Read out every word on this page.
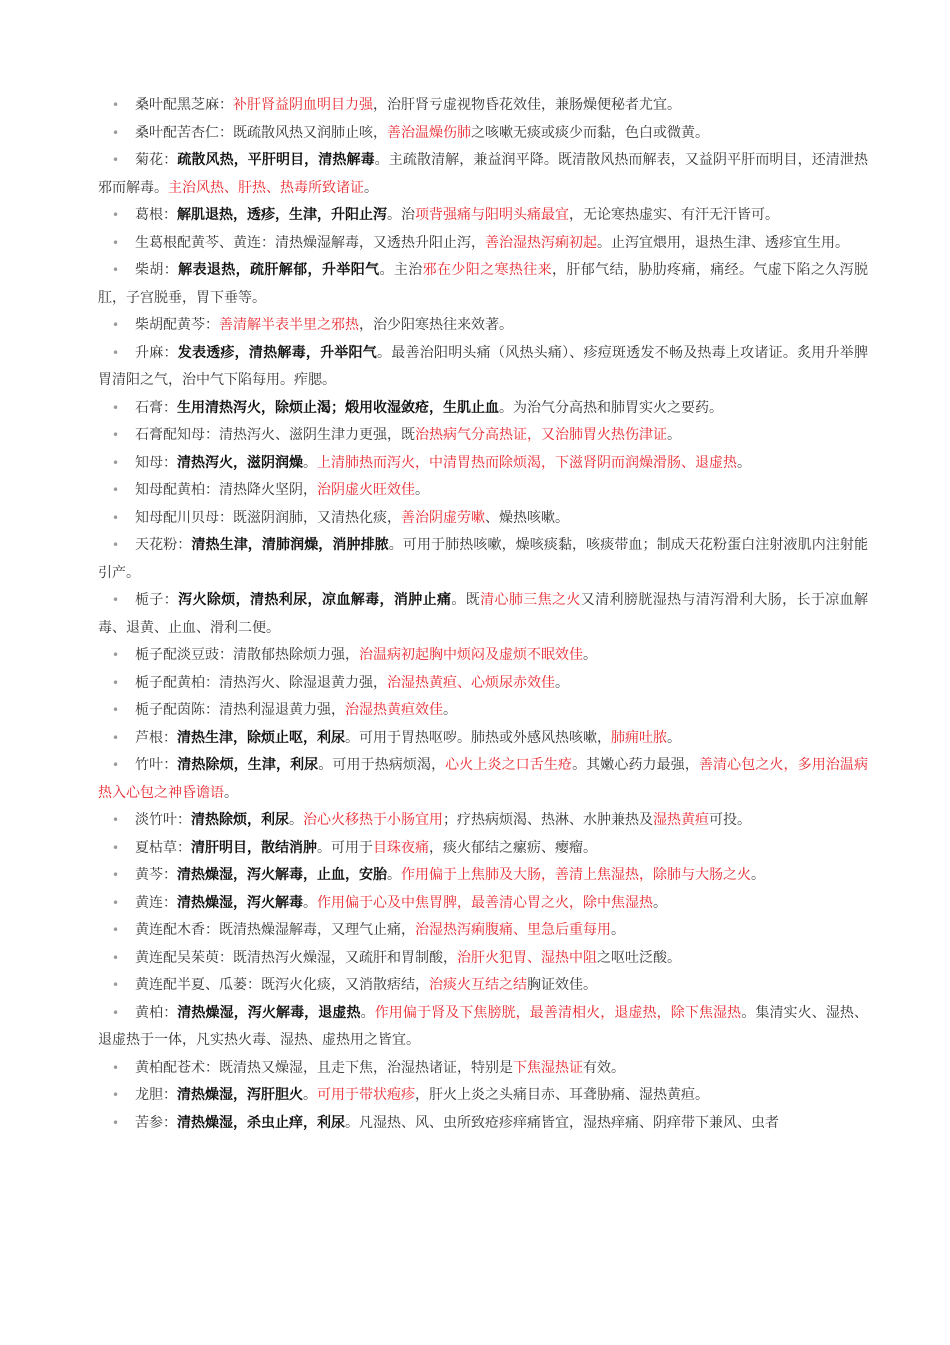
• 桑叶配黑芝麻：补肝肾益阴血明目力强，治肝肾亏虚视物昏花效佳，兼肠燥便秘者尤宜。
• 桑叶配苦杏仁：既疏散风热又润肺止咳，善治温燥伤肺之咳嗽无痰或痰少而黏，色白或微黄。
• 菊花：疏散风热，平肝明目，清热解毒。主疏散清解，兼益润平降。既清散风热而解表，又益阴平肝而明目，还清泄热邪而解毒。主治风热、肝热、热毒所致诸证。
• 葛根：解肌退热，透疹，生津，升阳止泻。治项背强痛与阳明头痛最宜，无论寒热虚实、有汗无汗皆可。
• 生葛根配黄芩、黄连：清热燥湿解毒，又透热升阳止泻，善治湿热泻痢初起。止泻宜煨用，退热生津、透疹宜生用。
• 柴胡：解表退热，疏肝解郁，升举阳气。主治邪在少阳之寒热往来，肝郁气结，胁肋疼痛，痛经。气虚下陷之久泻脱肛，子宫脱垂，胃下垂等。
• 柴胡配黄芩：善清解半表半里之邪热，治少阳寒热往来效著。
• 升麻：发表透疹，清热解毒，升举阳气。最善治阳明头痛（风热头痛）、疹痘斑透发不畅及热毒上攻诸证。炙用升举脾胃清阳之气，治中气下陷每用。痄腮。
• 石膏：生用清热泻火，除烦止渴；煅用收湿敛疮，生肌止血。为治气分高热和肺胃实火之要药。
• 石膏配知母：清热泻火、滋阴生津力更强，既治热病气分高热证，又治肺胃火热伤津证。
• 知母：清热泻火，滋阴润燥。上清肺热而泻火，中清胃热而除烦渴，下滋肾阴而润燥滑肠、退虚热。
• 知母配黄柏：清热降火坚阴，治阴虚火旺效佳。
• 知母配川贝母：既滋阴润肺，又清热化痰，善治阴虚劳嗽、燥热咳嗽。
• 天花粉：清热生津，清肺润燥，消肿排脓。可用于肺热咳嗽，燥咳痰黏，咳痰带血；制成天花粉蛋白注射液肌内注射能引产。
• 栀子：泻火除烦，清热利尿，凉血解毒，消肿止痛。既清心肺三焦之火又清利膀胱湿热与清泻滑利大肠，长于凉血解毒、退黄、止血、滑利二便。
• 栀子配淡豆豉：清散郁热除烦力强，治温病初起胸中烦闷及虚烦不眠效佳。
• 栀子配黄柏：清热泻火、除湿退黄力强，治湿热黄疸、心烦尿赤效佳。
• 栀子配茵陈：清热利湿退黄力强，治湿热黄疸效佳。
• 芦根：清热生津，除烦止呕，利尿。可用于胃热呕哕。肺热或外感风热咳嗽，肺痈吐脓。
• 竹叶：清热除烦，生津，利尿。可用于热病烦渴，心火上炎之口舌生疮。其嫩心药力最强，善清心包之火，多用治温病热入心包之神昏谵语。
• 淡竹叶：清热除烦，利尿。治心火移热于小肠宜用；疗热病烦渴、热淋、水肿兼热及湿热黄疸可投。
• 夏枯草：清肝明目，散结消肿。可用于目珠夜痛，痰火郁结之瘰疬、瘿瘤。
• 黄芩：清热燥湿，泻火解毒，止血，安胎。作用偏于上焦肺及大肠，善清上焦湿热，除肺与大肠之火。
• 黄连：清热燥湿，泻火解毒。作用偏于心及中焦胃脾，最善清心胃之火，除中焦湿热。
• 黄连配木香：既清热燥湿解毒，又理气止痛，治湿热泻痢腹痛、里急后重每用。
• 黄连配吴茱萸：既清热泻火燥湿，又疏肝和胃制酸，治肝火犯胃、湿热中阻之呕吐泛酸。
• 黄连配半夏、瓜蒌：既泻火化痰，又消散痞结，治痰火互结之结胸证效佳。
• 黄柏：清热燥湿，泻火解毒，退虚热。作用偏于肾及下焦膀胱，最善清相火，退虚热，除下焦湿热。集清实火、湿热、退虚热于一体，凡实热火毒、湿热、虚热用之皆宜。
• 黄柏配苍术：既清热又燥湿，且走下焦，治湿热诸证，特别是下焦湿热证有效。
• 龙胆：清热燥湿，泻肝胆火。可用于带状疱疹，肝火上炎之头痛目赤、耳聋胁痛、湿热黄疸。
• 苦参：清热燥湿，杀虫止痒，利尿。凡湿热、风、虫所致疮疹痒痛皆宜，湿热痒痛、阴痒带下兼风、虫者
